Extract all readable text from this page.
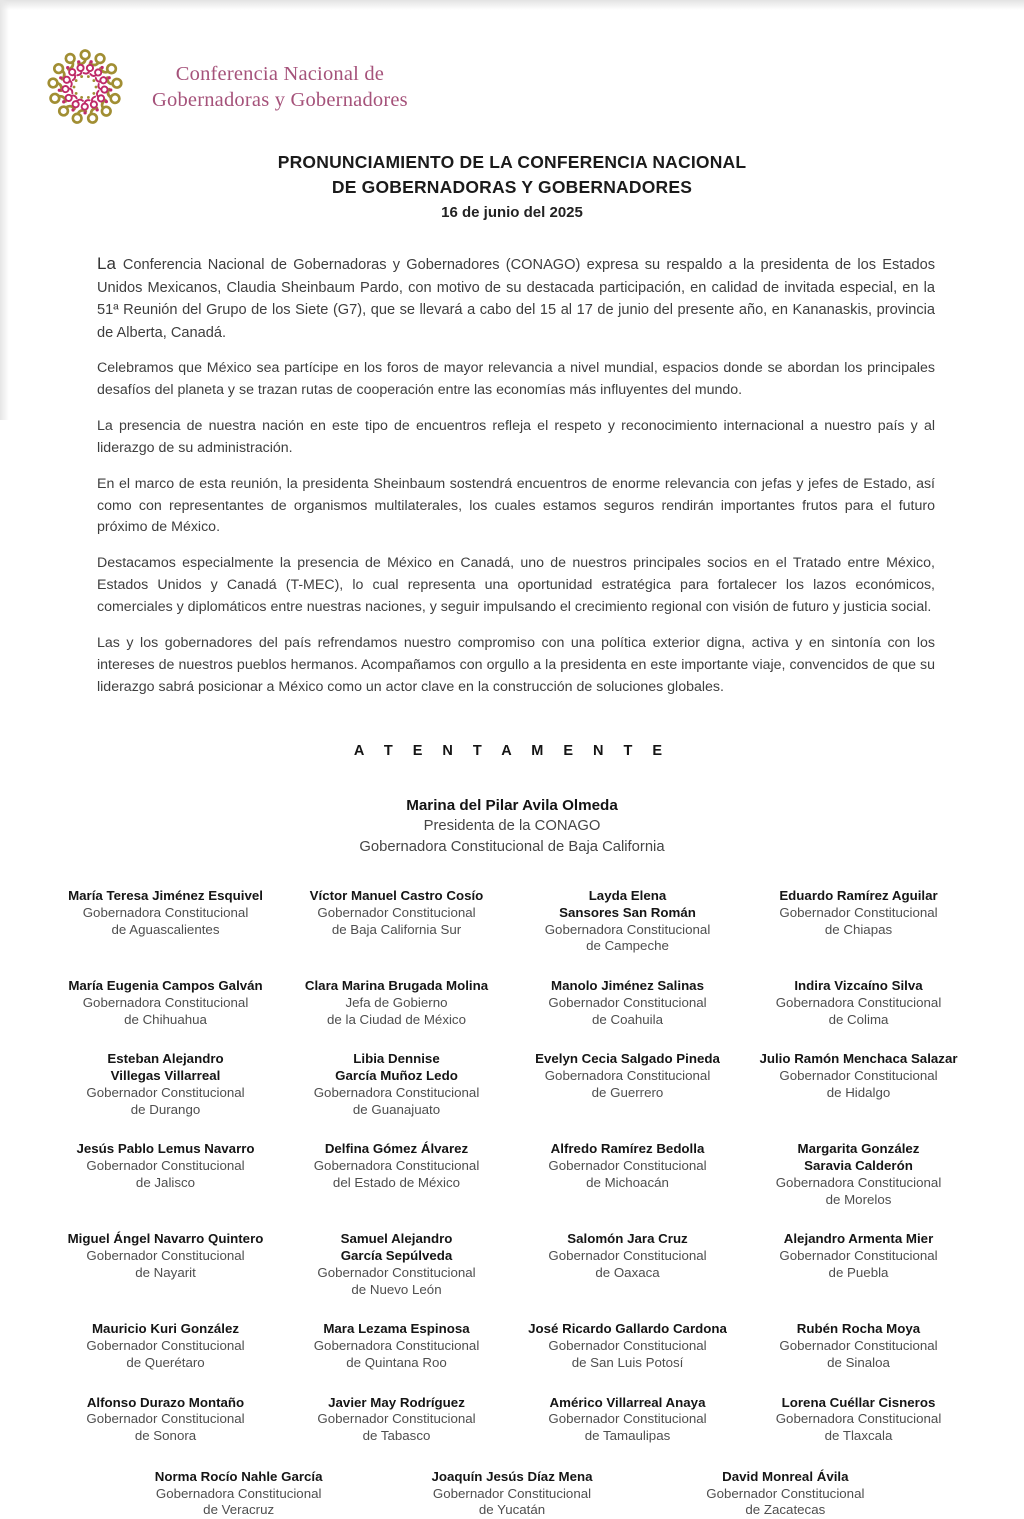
Conferencia Nacional de
Gobernadoras y Gobernadores
PRONUNCIAMIENTO DE LA CONFERENCIA NACIONAL
DE GOBERNADORAS Y GOBERNADORES
16 de junio del 2025

La Conferencia Nacional de Gobernadoras y Gobernadores (CONAGO) expresa su respaldo a la presidenta de los Estados Unidos Mexicanos, Claudia Sheinbaum Pardo, con motivo de su destacada participación, en calidad de invitada especial, en la 51ª Reunión del Grupo de los Siete (G7), que se llevará a cabo del 15 al 17 de junio del presente año, en Kananaskis, provincia de Alberta, Canadá.

Celebramos que México sea partícipe en los foros de mayor relevancia a nivel mundial, espacios donde se abordan los principales desafíos del planeta y se trazan rutas de cooperación entre las economías más influyentes del mundo.

La presencia de nuestra nación en este tipo de encuentros refleja el respeto y reconocimiento internacional a nuestro país y al liderazgo de su administración.

En el marco de esta reunión, la presidenta Sheinbaum sostendrá encuentros de enorme relevancia con jefas y jefes de Estado, así como con representantes de organismos multilaterales, los cuales estamos seguros rendirán importantes frutos para el futuro próximo de México.

Destacamos especialmente la presencia de México en Canadá, uno de nuestros principales socios en el Tratado entre México, Estados Unidos y Canadá (T-MEC), lo cual representa una oportunidad estratégica para fortalecer los lazos económicos, comerciales y diplomáticos entre nuestras naciones, y seguir impulsando el crecimiento regional con visión de futuro y justicia social.

Las y los gobernadores del país refrendamos nuestro compromiso con una política exterior digna, activa y en sintonía con los intereses de nuestros pueblos hermanos. Acompañamos con orgullo a la presidenta en este importante viaje, convencidos de que su liderazgo sabrá posicionar a México como un actor clave en la construcción de soluciones globales.

A T E N T A M E N T E
Marina del Pilar Avila Olmeda
Presidenta de la CONAGO
Gobernadora Constitucional de Baja California
María Teresa Jiménez Esquivel
Gobernadora Constitucional
de Aguascalientes
Víctor Manuel Castro Cosío
Gobernador Constitucional
de Baja California Sur
Layda Elena
Sansores San Román
Gobernadora Constitucional
de Campeche
Eduardo Ramírez Aguilar
Gobernador Constitucional
de Chiapas
María Eugenia Campos Galván
Gobernadora Constitucional
de Chihuahua
Clara Marina Brugada Molina
Jefa de Gobierno
de la Ciudad de México
Manolo Jiménez Salinas
Gobernador Constitucional
de Coahuila
Indira Vizcaíno Silva
Gobernadora Constitucional
de Colima
Esteban Alejandro
Villegas Villarreal
Gobernador Constitucional
de Durango
Libia Dennise
García Muñoz Ledo
Gobernadora Constitucional
de Guanajuato
Evelyn Cecia Salgado Pineda
Gobernadora Constitucional
de Guerrero
Julio Ramón Menchaca Salazar
Gobernador Constitucional
de Hidalgo
Jesús Pablo Lemus Navarro
Gobernador Constitucional
de Jalisco
Delfina Gómez Álvarez
Gobernadora Constitucional
del Estado de México
Alfredo Ramírez Bedolla
Gobernador Constitucional
de Michoacán
Margarita González
Saravia Calderón
Gobernadora Constitucional
de Morelos
Miguel Ángel Navarro Quintero
Gobernador Constitucional
de Nayarit
Samuel Alejandro
García Sepúlveda
Gobernador Constitucional
de Nuevo León
Salomón Jara Cruz
Gobernador Constitucional
de Oaxaca
Alejandro Armenta Mier
Gobernador Constitucional
de Puebla
Mauricio Kuri González
Gobernador Constitucional
de Querétaro
Mara Lezama Espinosa
Gobernadora Constitucional
de Quintana Roo
José Ricardo Gallardo Cardona
Gobernador Constitucional
de San Luis Potosí
Rubén Rocha Moya
Gobernador Constitucional
de Sinaloa
Alfonso Durazo Montaño
Gobernador Constitucional
de Sonora
Javier May Rodríguez
Gobernador Constitucional
de Tabasco
Américo Villarreal Anaya
Gobernador Constitucional
de Tamaulipas
Lorena Cuéllar Cisneros
Gobernadora Constitucional
de Tlaxcala
Norma Rocío Nahle García
Gobernadora Constitucional
de Veracruz
Joaquín Jesús Díaz Mena
Gobernador Constitucional
de Yucatán
David Monreal Ávila
Gobernador Constitucional
de Zacatecas
